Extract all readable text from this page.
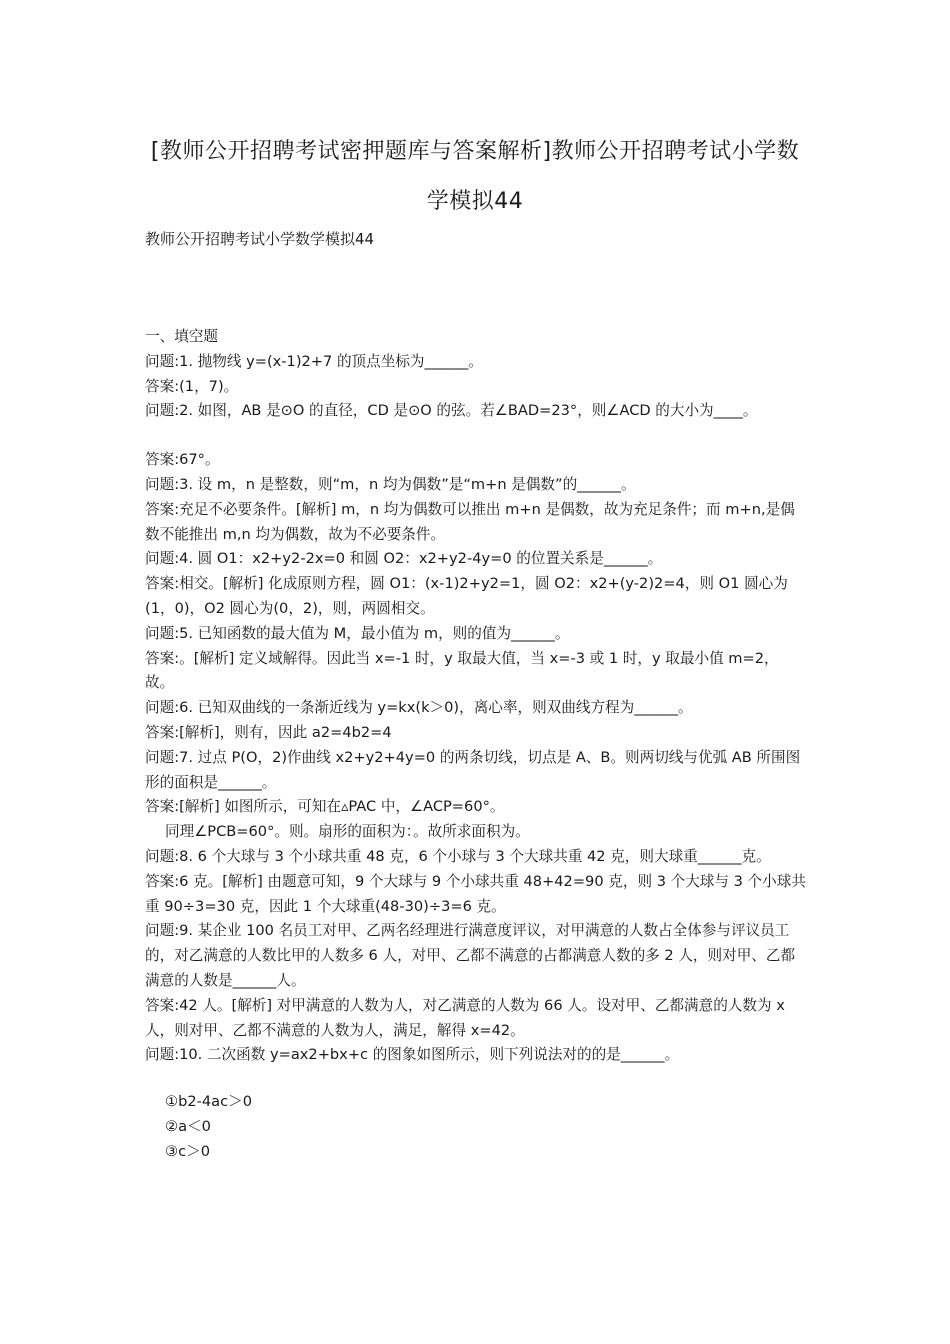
[教师公开招聘考试密押题库与答案解析]教师公开招聘考试小学数
学模拟44
教师公开招聘考试小学数学模拟44

一、填空题

问题:1. 抛物线 y=(x-1)2+7 的顶点坐标为______。

答案:(1，7)。

问题:2. 如图，AB 是⊙O 的直径，CD 是⊙O 的弦。若∠BAD=23°，则∠ACD 的大小为____。

答案:67°。

问题:3. 设 m，n 是整数，则“m，n 均为偶数”是“m+n 是偶数”的______。

答案:充足不必要条件。[解析] m，n 均为偶数可以推出 m+n 是偶数，故为充足条件；而 m+n,是偶数不能推出 m,n 均为偶数，故为不必要条件。

问题:4. 圆 O1：x2+y2-2x=0 和圆 O2：x2+y2-4y=0 的位置关系是______。

答案:相交。[解析] 化成原则方程，圆 O1：(x-1)2+y2=1，圆 O2：x2+(y-2)2=4，则 O1 圆心为(1，0)，O2 圆心为(0，2)，则，两圆相交。

问题:5. 已知函数的最大值为 M，最小值为 m，则的值为______。

答案:。[解析] 定义域解得。因此当 x=-1 时，y 取最大值，当 x=-3 或 1 时，y 取最小值 m=2，故。

问题:6. 已知双曲线的一条渐近线为 y=kx(k＞0)，离心率，则双曲线方程为______。

答案:[解析]，则有，因此 a2=4b2=4

问题:7. 过点 P(O，2)作曲线 x2+y2+4y=0 的两条切线，切点是 A、B。则两切线与优弧 AB 所围图形的面积是______。

答案:[解析] 如图所示，可知在▵PAC 中，∠ACP=60°。

同理∠PCB=60°。则。扇形的面积为：。故所求面积为。

问题:8. 6 个大球与 3 个小球共重 48 克，6 个小球与 3 个大球共重 42 克，则大球重______克。

答案:6 克。[解析] 由题意可知，9 个大球与 9 个小球共重 48+42=90 克，则 3 个大球与 3 个小球共重 90÷3=30 克，因此 1 个大球重(48-30)÷3=6 克。

问题:9. 某企业 100 名员工对甲、乙两名经理进行满意度评议，对甲满意的人数占全体参与评议员工的，对乙满意的人数比甲的人数多 6 人，对甲、乙都不满意的占都满意人数的多 2 人，则对甲、乙都满意的人数是______人。

答案:42 人。[解析] 对甲满意的人数为人，对乙满意的人数为 66 人。设对甲、乙都满意的人数为 x 人，则对甲、乙都不满意的人数为人，满足，解得 x=42。

问题:10. 二次函数 y=ax2+bx+c 的图象如图所示，则下列说法对的的是______。

①b2-4ac＞0

②a＜0

③c＞0
